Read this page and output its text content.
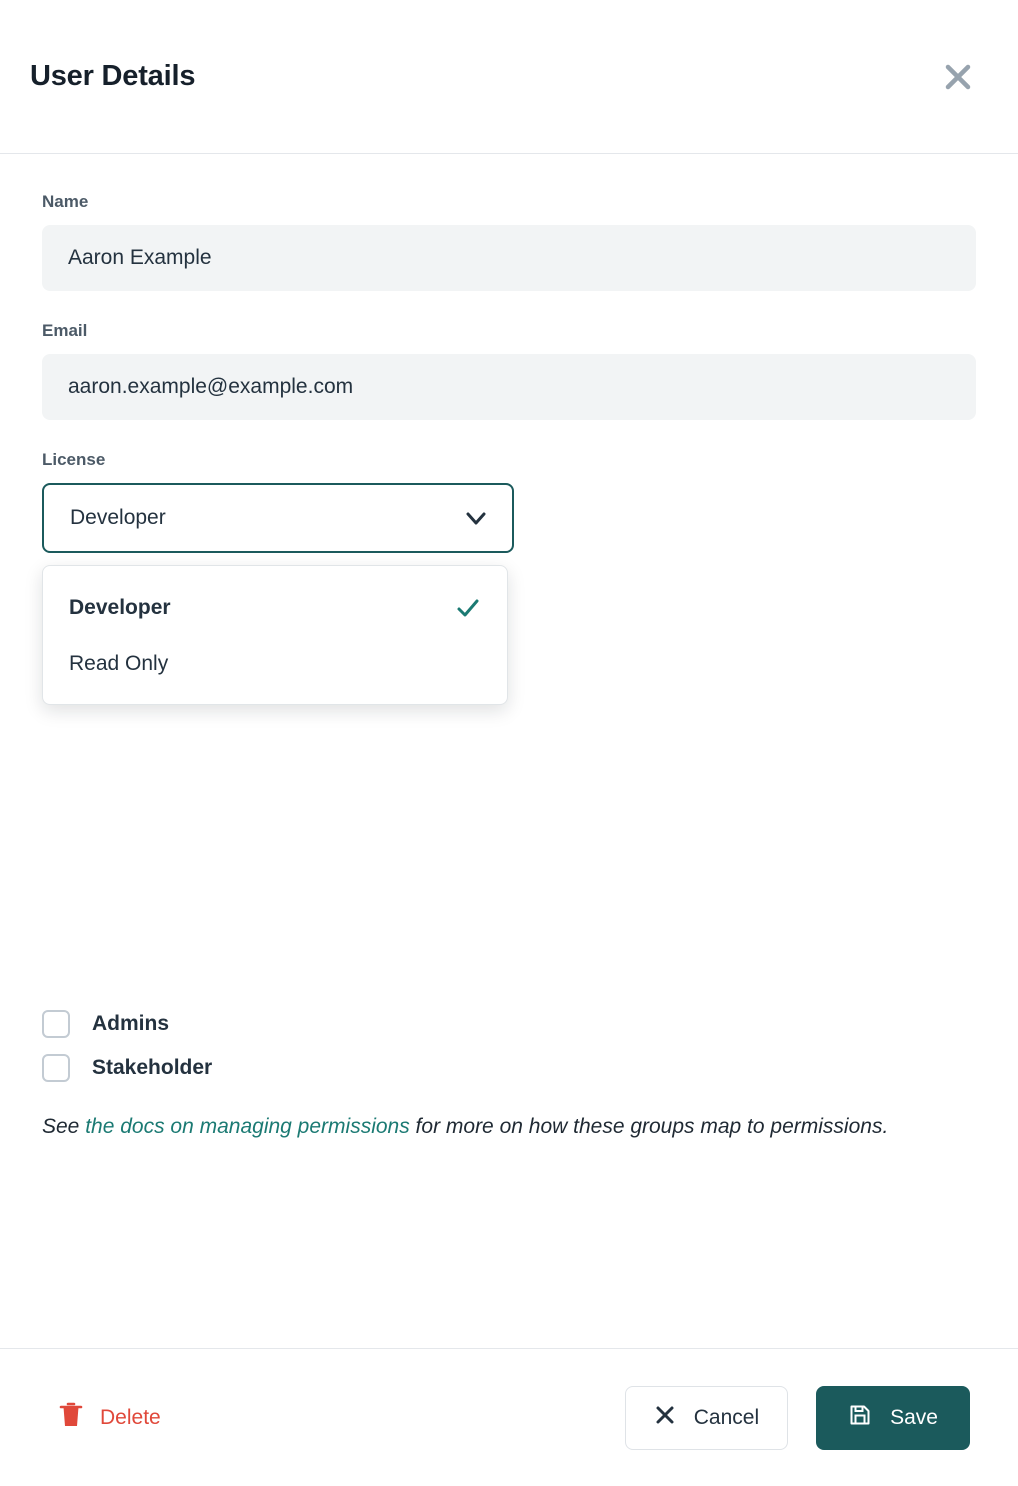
User Details
Name
Aaron Example
Email
aaron.example@example.com
License
Developer
Developer
Read Only
Admins
Stakeholder
See the docs on managing permissions for more on how these groups map to permissions.
Delete	Cancel	Save
